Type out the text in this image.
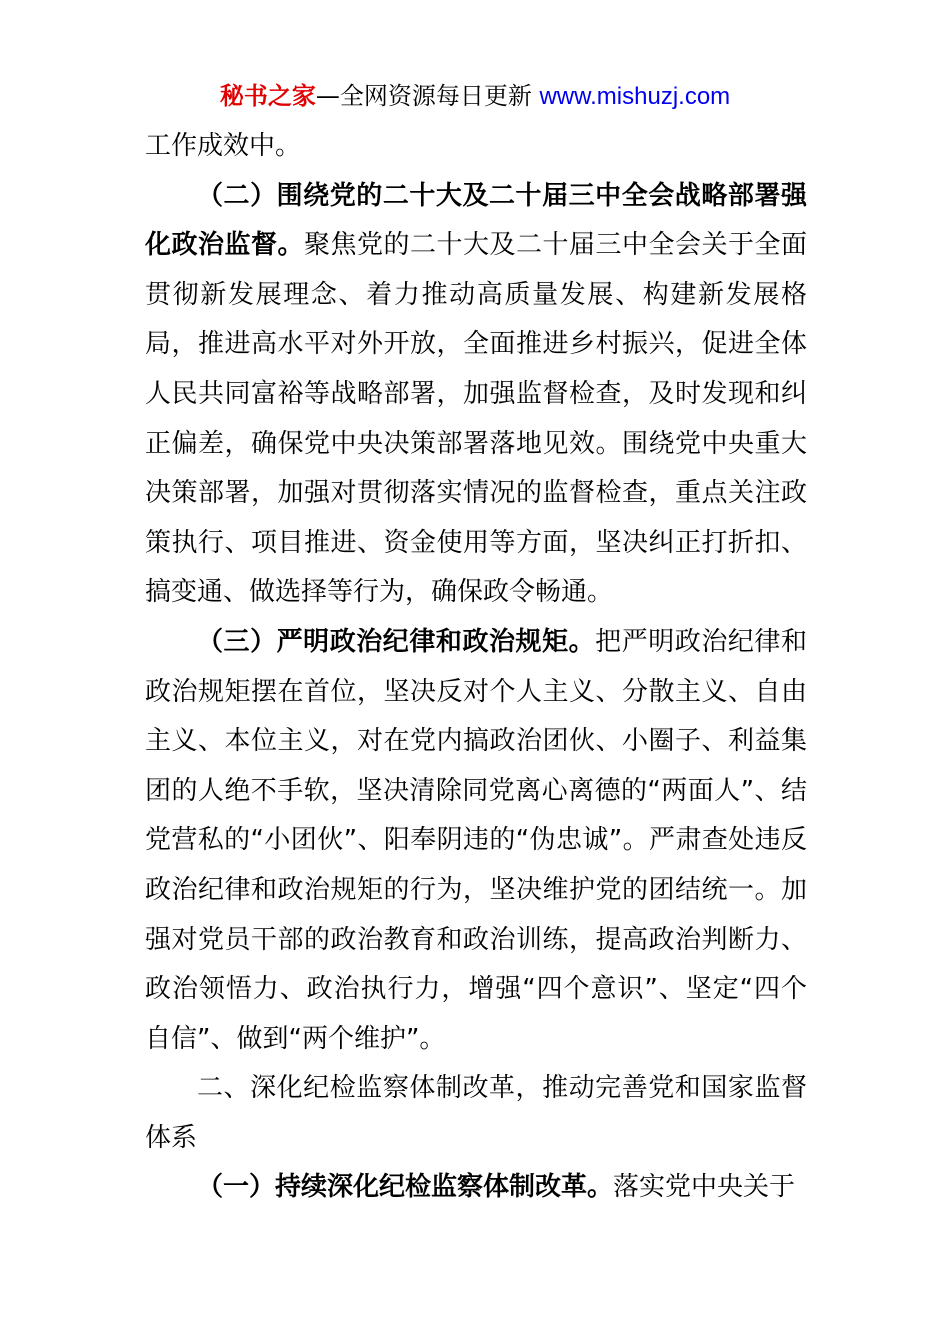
秘书之家—全网资源每日更新 www.mishuzj.com

工作成效中。

（二）围绕党的二十大及二十届三中全会战略部署强化政治监督。聚焦党的二十大及二十届三中全会关于全面贯彻新发展理念、着力推动高质量发展、构建新发展格局，推进高水平对外开放，全面推进乡村振兴，促进全体人民共同富裕等战略部署，加强监督检查，及时发现和纠正偏差，确保党中央决策部署落地见效。围绕党中央重大决策部署，加强对贯彻落实情况的监督检查，重点关注政策执行、项目推进、资金使用等方面，坚决纠正打折扣、搞变通、做选择等行为，确保政令畅通。

（三）严明政治纪律和政治规矩。把严明政治纪律和政治规矩摆在首位，坚决反对个人主义、分散主义、自由主义、本位主义，对在党内搞政治团伙、小圈子、利益集团的人绝不手软，坚决清除同党离心离德的“两面人”、结党营私的“小团伙”、阳奉阴违的“伪忠诚”。严肃查处违反政治纪律和政治规矩的行为，坚决维护党的团结统一。加强对党员干部的政治教育和政治训练，提高政治判断力、政治领悟力、政治执行力，增强“四个意识”、坚定“四个自信”、做到“两个维护”。

二、深化纪检监察体制改革，推动完善党和国家监督体系

（一）持续深化纪检监察体制改革。落实党中央关于
